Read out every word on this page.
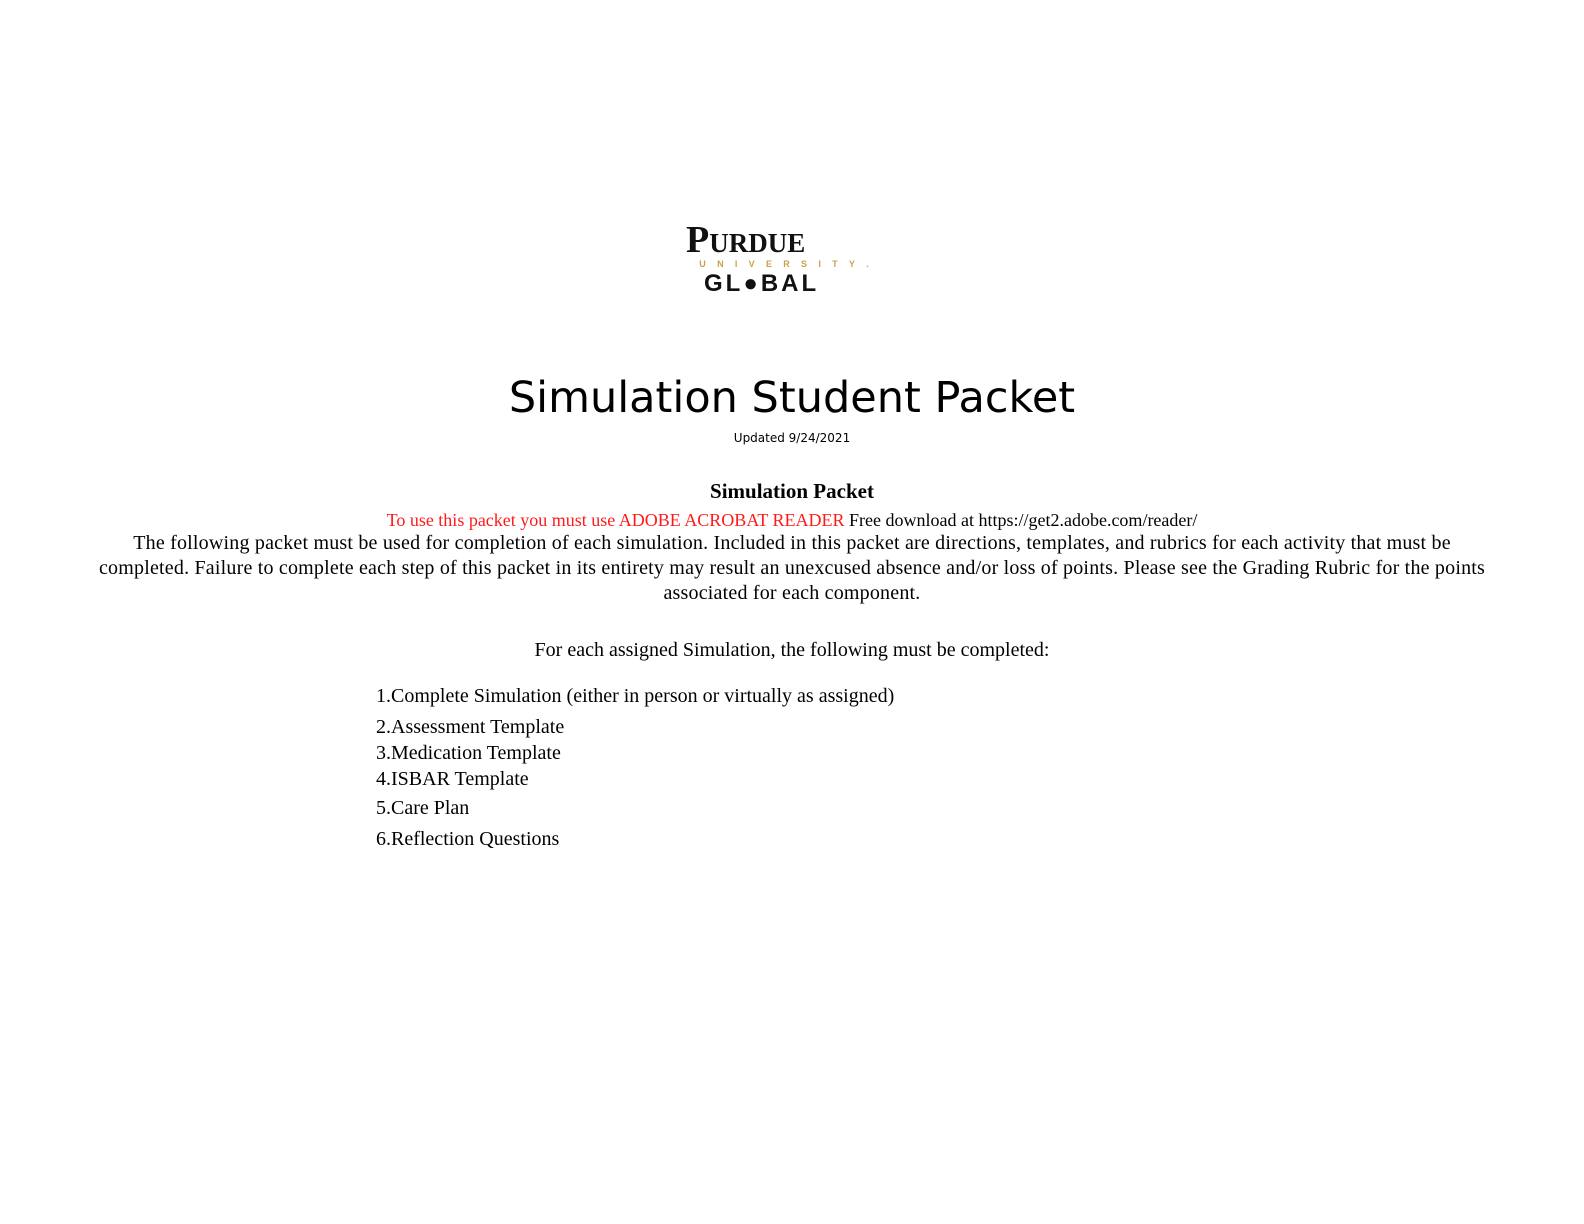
Purdue
U N I V E R S I T Y .
GL●BAL
Simulation Student Packet
Updated 9/24/2021
Simulation Packet
To use this packet you must use ADOBE ACROBAT READER Free download at https://get2.adobe.com/reader/
The following packet must be used for completion of each simulation. Included in this packet are directions, templates, and rubrics for each activity that must be completed. Failure to complete each step of this packet in its entirety may result an unexcused absence and/or loss of points. Please see the Grading Rubric for the points associated for each component.
For each assigned Simulation, the following must be completed:
1.Complete Simulation (either in person or virtually as assigned)
2.Assessment Template
3.Medication Template
4.ISBAR Template
5.Care Plan
6.Reflection Questions
